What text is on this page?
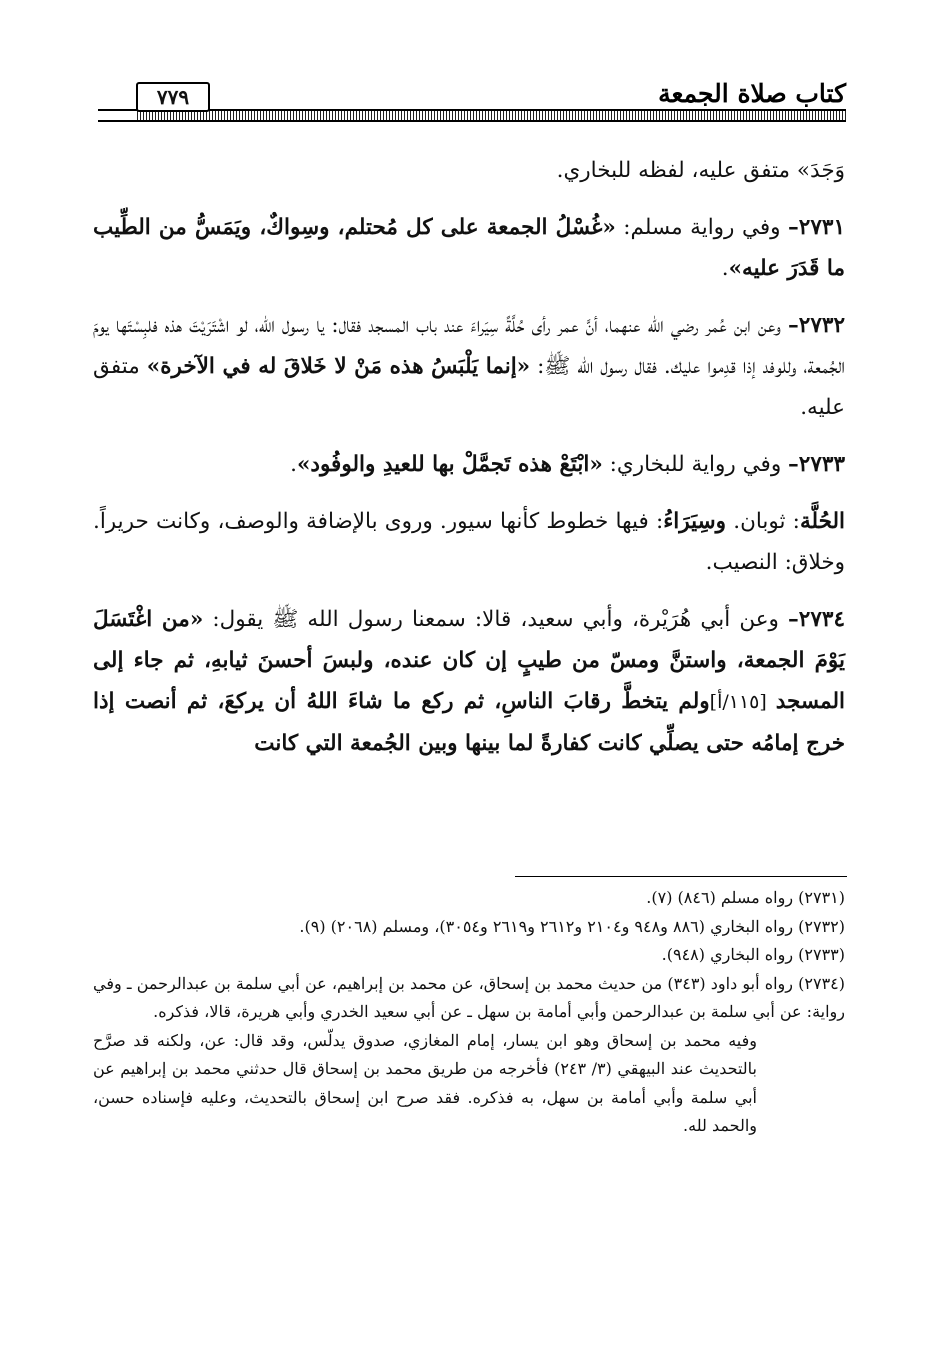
كتاب صلاة الجمعة
٧٧٩

وَجَدَ» متفق عليه، لفظه للبخاري.

٢٧٣١– وفي رواية مسلم: «غُسْلُ الجمعة على كل مُحتلم، وسِواكٌ، ويَمَسُّ من الطِّيب ما قَدَرَ عليه».

٢٧٣٢– وعن ابن عُمر رضي الله عنهما، أنَّ عمر رأى حُلَّةً سِيَراءَ عند باب المسجد فقال: يا رسول الله، لو اشْتَرَيْتَ هذه فلبِسْتَها يومَ الجُمعة، وللوفد إذا قدِموا عليك. فقال رسول الله ﷺ: «إنما يَلْبَسُ هذه مَنْ لا خَلاقَ له في الآخرة» متفق عليه.

٢٧٣٣– وفي رواية للبخاري: «ابْتَعْ هذه تَجمَّلْ بها للعيدِ والوفُود».

الحُلَّة: ثوبان. وسِيَرَاءُ: فيها خطوط كأنها سيور. وروى بالإضافة والوصف، وكانت حريراً. وخلاق: النصيب.

٢٧٣٤– وعن أبي هُرَيْرة، وأبي سعيد، قالا: سمعنا رسول الله ﷺ يقول: «من اغْتَسَلَ يَوْمَ الجمعة، واستنَّ ومسّ من طيبٍ إن كان عنده، ولبسَ أحسنَ ثيابهِ، ثم جاء إلى المسجد [١١٥/أ]ولم يتخطَّ رقابَ الناسِ، ثم ركع ما شاءَ اللهُ أن يركعَ، ثم أنصت إذا خرج إمامُه حتى يصلِّي كانت كفارةً لما بينها وبين الجُمعة التي كانت

(٢٧٣١) رواه مسلم (٨٤٦) (٧).

(٢٧٣٢) رواه البخاري (٨٨٦ و٩٤٨ و٢١٠٤ و٢٦١٢ و٢٦١٩ و٣٠٥٤)، ومسلم (٢٠٦٨) (٩).

(٢٧٣٣) رواه البخاري (٩٤٨).

(٢٧٣٤) رواه أبو داود (٣٤٣) من حديث محمد بن إسحاق، عن محمد بن إبراهيم، عن أبي سلمة بن عبدالرحمن ـ وفي رواية: عن أبي سلمة بن عبدالرحمن وأبي أمامة بن سهل ـ عن أبي سعيد الخدري وأبي هريرة، قالا، فذكره.

وفيه محمد بن إسحاق وهو ابن يسار، إمام المغازي، صدوق يدلّس، وقد قال: عن، ولكنه قد صرَّح بالتحديث عند البيهقي (٣/ ٢٤٣) فأخرجه من طريق محمد بن إسحاق قال حدثني محمد بن إبراهيم عن أبي سلمة وأبي أمامة بن سهل، به فذكره. فقد صرح ابن إسحاق بالتحديث، وعليه فإسناده حسن، والحمد لله.
